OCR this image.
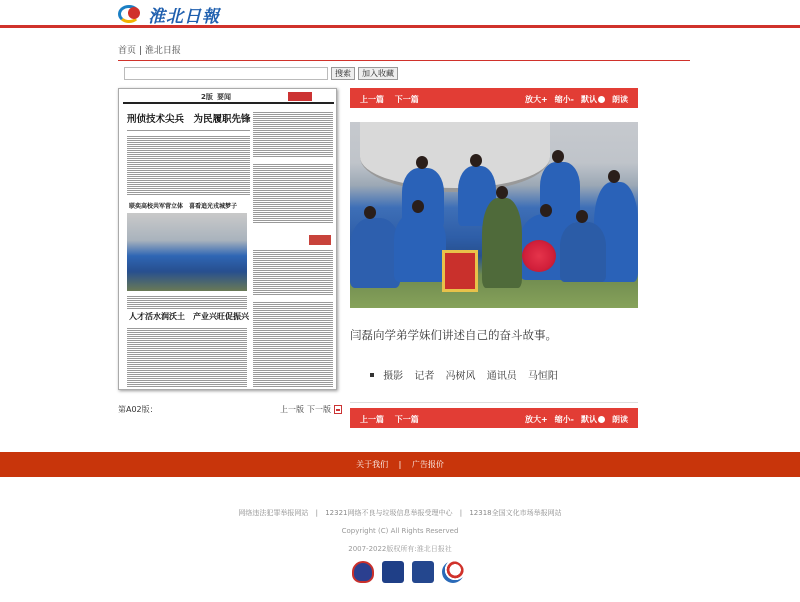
淮北日報
首页 | 淮北日报
搜索	加入收藏
2版 要闻
刑侦技术尖兵　为民履职先锋
联奕高校共军营立体　喜看追光戎城梦子
人才活水润沃土　产业兴旺促振兴
第A02版：	上一版 下一版
上一篇 下一篇	放大+ 缩小- 默认	朗读
闫磊向学弟学妹们讲述自己的奋斗故事。
摄影 记者 冯树风 通讯员 马恒阳
上一篇 下一篇	放大+ 缩小- 默认	朗读
关于我们 | 广告报价
网络违法犯罪举报网站 | 12321网络不良与垃圾信息举报受理中心 | 12318全国文化市场举报网站
Copyright (C) All Rights Reserved
2007-2022版权所有:淮北日报社
